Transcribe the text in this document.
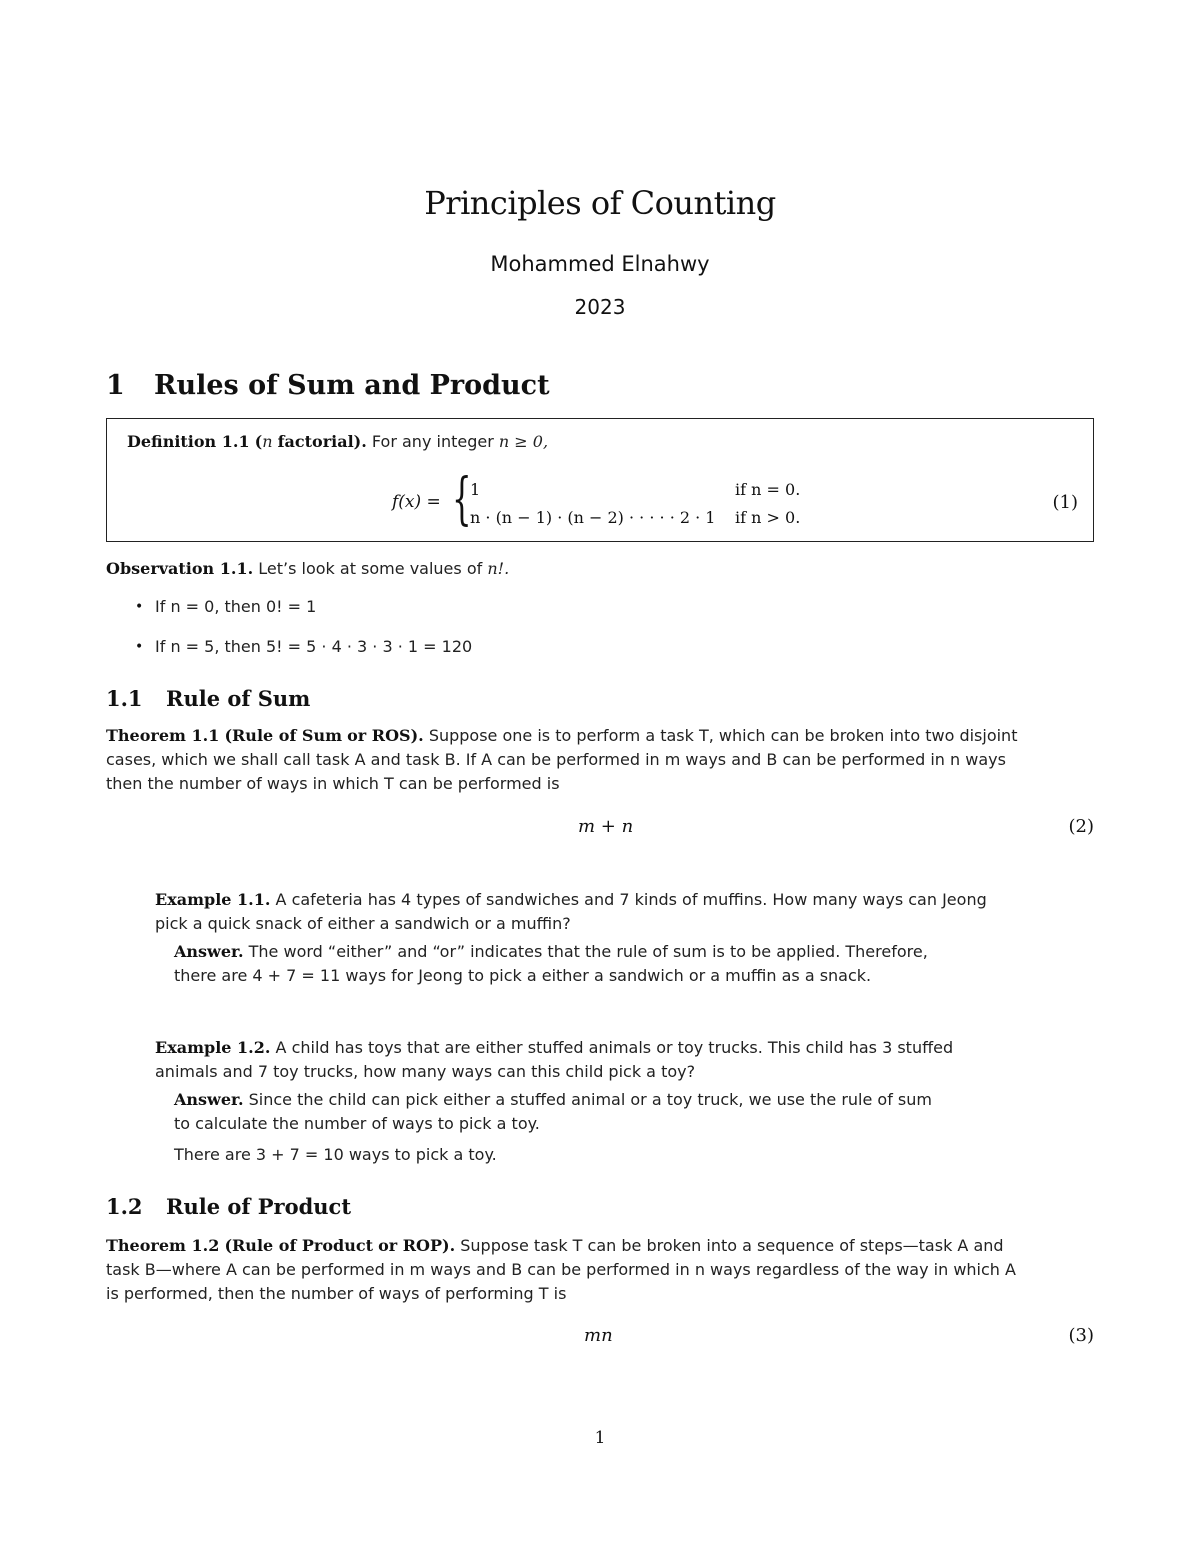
Principles of Counting
Mohammed Elnahwy
2023
1 Rules of Sum and Product
Definition 1.1 (n factorial). For any integer n ≥ 0,
f(x) = {
1	if n = 0.
n · (n − 1) · (n − 2) · · · · · 2 · 1 if n > 0.
(1)
Observation 1.1. Let’s look at some values of n!.
• If n = 0, then 0! = 1
• If n = 5, then 5! = 5 · 4 · 3 · 3 · 1 = 120
1.1 Rule of Sum
Theorem 1.1 (Rule of Sum or ROS). Suppose one is to perform a task T, which can be broken into two disjoint
cases, which we shall call task A and task B. If A can be performed in m ways and B can be performed in n ways
then the number of ways in which T can be performed is
m + n	(2)
Example 1.1. A cafeteria has 4 types of sandwiches and 7 kinds of muffins. How many ways can Jeong
pick a quick snack of either a sandwich or a muffin?
Answer. The word “either” and “or” indicates that the rule of sum is to be applied. Therefore,
there are 4 + 7 = 11 ways for Jeong to pick a either a sandwich or a muffin as a snack.
Example 1.2. A child has toys that are either stuffed animals or toy trucks. This child has 3 stuffed
animals and 7 toy trucks, how many ways can this child pick a toy?
Answer. Since the child can pick either a stuffed animal or a toy truck, we use the rule of sum
to calculate the number of ways to pick a toy.
There are 3 + 7 = 10 ways to pick a toy.
1.2 Rule of Product
Theorem 1.2 (Rule of Product or ROP). Suppose task T can be broken into a sequence of steps—task A and
task B—where A can be performed in m ways and B can be performed in n ways regardless of the way in which A
is performed, then the number of ways of performing T is
mn	(3)
1
